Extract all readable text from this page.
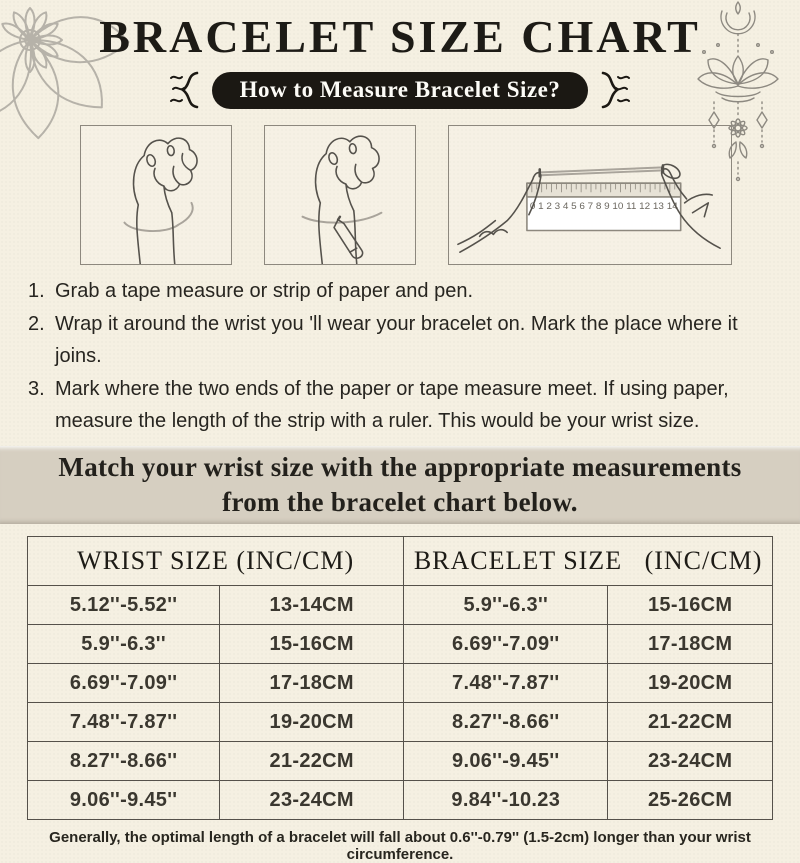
BRACELET SIZE CHART
How to Measure Bracelet Size?
0 1 2 3 4 5 6 7 8 9 10 11 12 13 14
1. Grab a tape measure or strip of paper and pen.
2. Wrap it around the wrist you 'll wear your bracelet on. Mark the place where it joins.
3. Mark where the two ends of the paper or tape measure meet. If using paper, measure the length of the strip with a ruler. This would be your wrist size.
Match your wrist size with the appropriate measurements from the bracelet chart below.
WRIST SIZE (INC/CM)		BRACELET SIZE   (INC/CM)	
5.12''-5.52''	13-14CM	5.9''-6.3''	15-16CM
5.9''-6.3''	15-16CM	6.69''-7.09''	17-18CM
6.69''-7.09''	17-18CM	7.48''-7.87''	19-20CM
7.48''-7.87''	19-20CM	8.27''-8.66''	21-22CM
8.27''-8.66''	21-22CM	9.06''-9.45''	23-24CM
9.06''-9.45''	23-24CM	9.84''-10.23	25-26CM
Generally, the optimal length of a bracelet will fall about 0.6''-0.79'' (1.5-2cm) longer than your wrist circumference.
